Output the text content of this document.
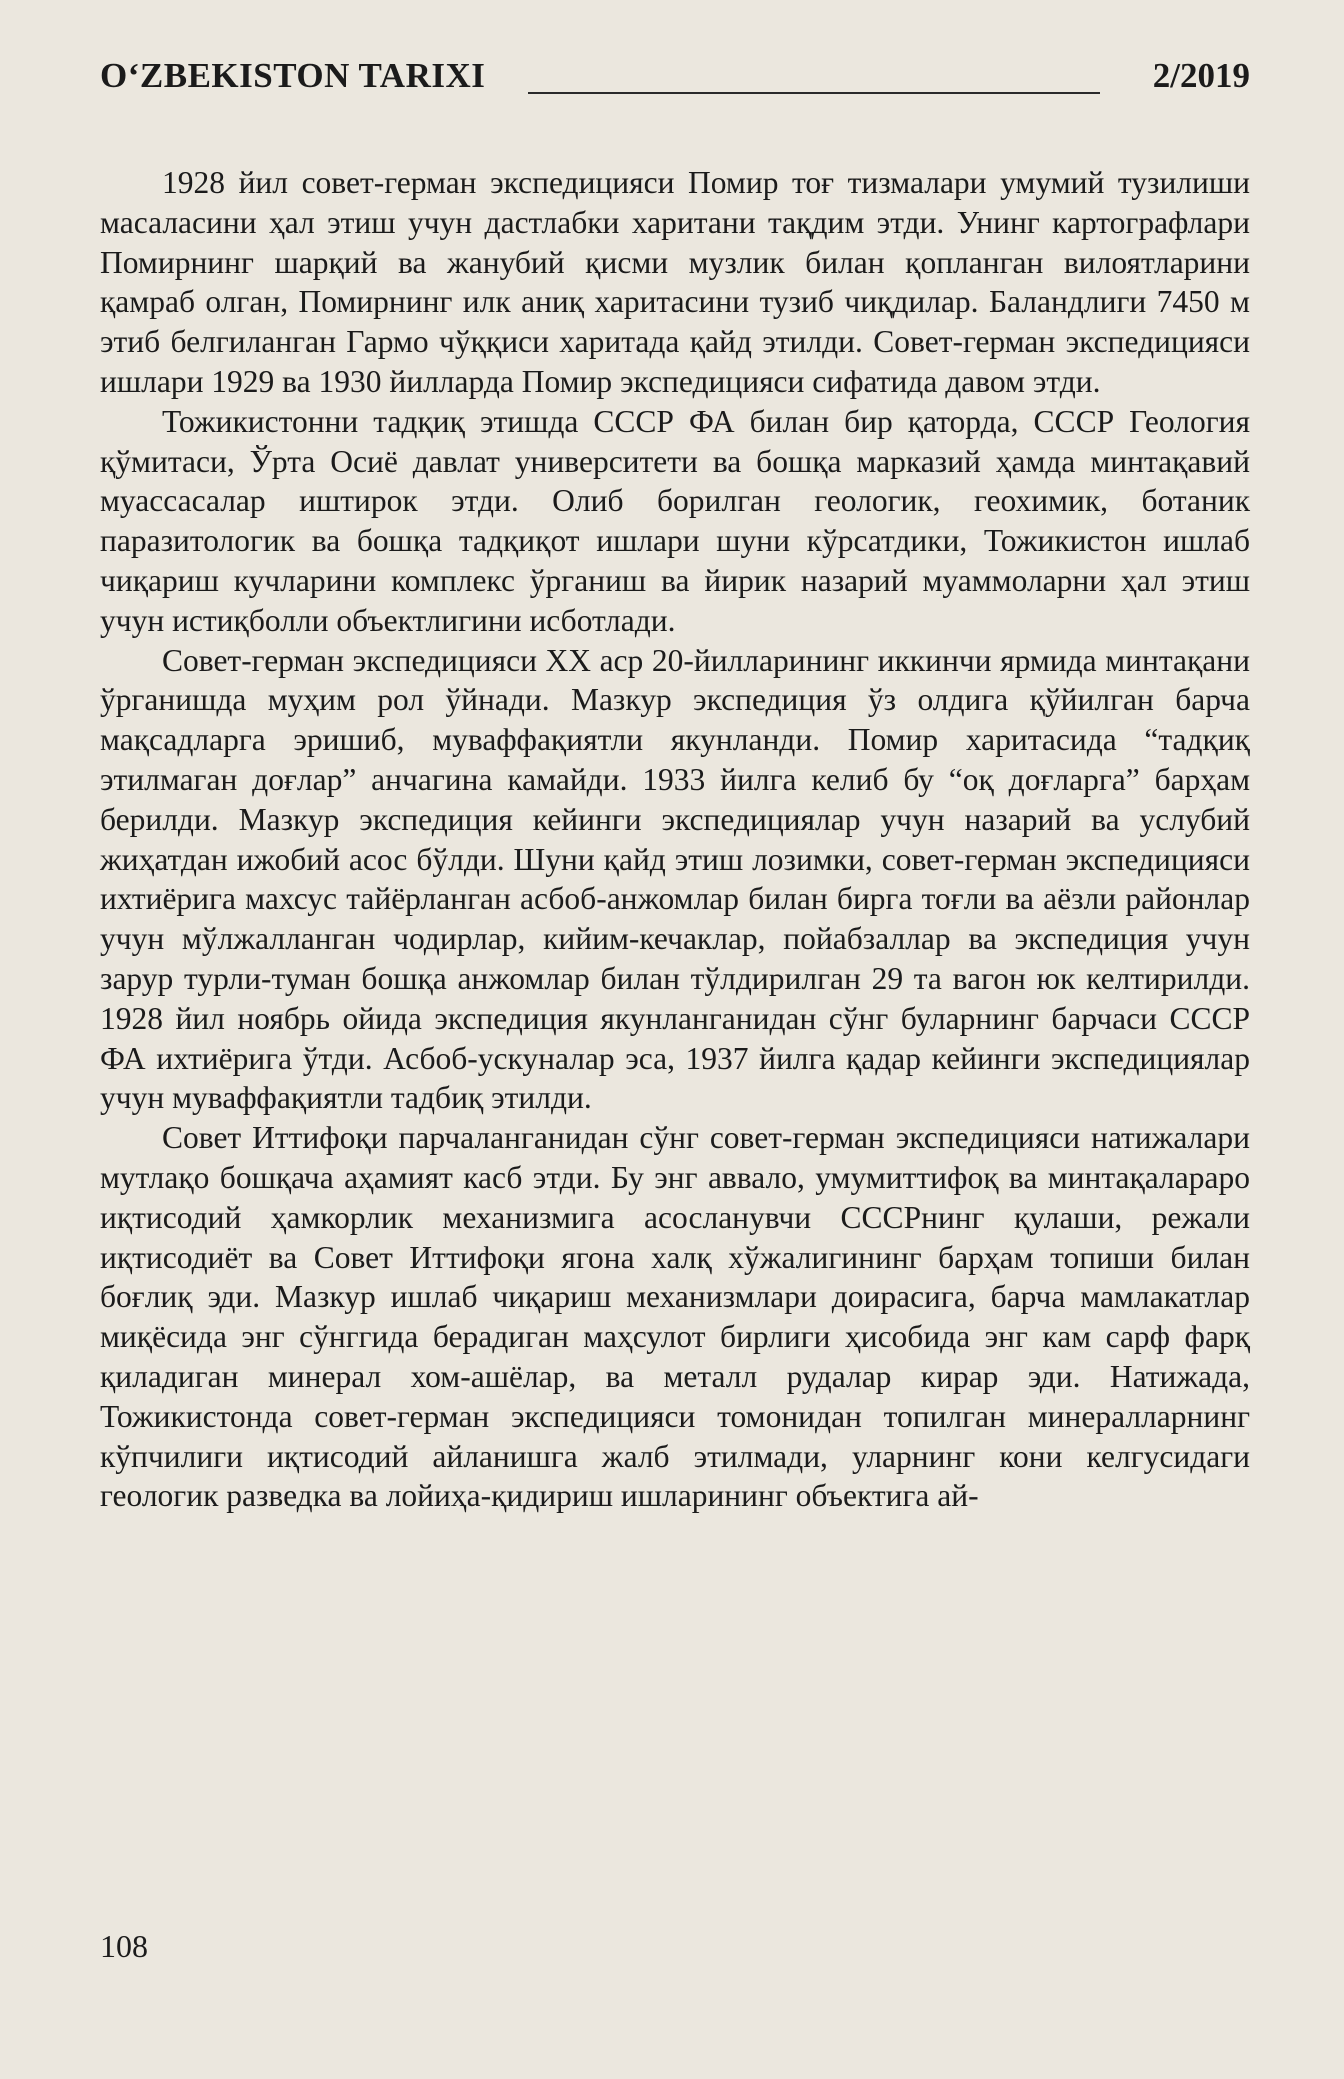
O‘ZBEKISTON TARIXI	2/2019

1928 йил совет-герман экспедицияси Помир тоғ тизмалари умумий тузилиши масаласини ҳал этиш учун дастлабки харитани тақдим этди. Унинг картографлари Помирнинг шарқий ва жанубий қисми музлик билан қопланган вилоятларини қамраб олган, Помирнинг илк аниқ харитасини тузиб чиқдилар. Баландлиги 7450 м этиб белгиланган Гармо чўққиси харитада қайд этилди. Совет-герман экспедицияси ишлари 1929 ва 1930 йилларда Помир экспедицияси сифатида давом этди.

Тожикистонни тадқиқ этишда СССР ФА билан бир қаторда, СССР Геология қўмитаси, Ўрта Осиё давлат университети ва бошқа марказий ҳамда минтақавий муассасалар иштирок этди. Олиб борилган геологик, геохимик, ботаник паразитологик ва бошқа тадқиқот ишлари шуни кўрсатдики, Тожикистон ишлаб чиқариш кучларини комплекс ўрганиш ва йирик назарий муаммоларни ҳал этиш учун истиқболли объектлигини исботлади.

Совет-герман экспедицияси XX аср 20-йилларининг иккинчи ярмида минтақани ўрганишда муҳим рол ўйнади. Мазкур экспедиция ўз олдига қўйилган барча мақсадларга эришиб, муваффақиятли якунланди. Помир харитасида “тадқиқ этилмаган доғлар” анчагина камайди. 1933 йилга келиб бу “оқ доғларга” барҳам берилди. Мазкур экспедиция кейинги экспедициялар учун назарий ва услубий жиҳатдан ижобий асос бўлди. Шуни қайд этиш лозимки, совет-герман экспедицияси ихтиёрига махсус тайёрланган асбоб-анжомлар билан бирга тоғли ва аёзли районлар учун мўлжалланган чодирлар, кийим-кечаклар, пойабзаллар ва экспедиция учун зарур турли-туман бошқа анжомлар билан тўлдирилган 29 та вагон юк келтирилди. 1928 йил ноябрь ойида экспедиция якунланганидан сўнг буларнинг барчаси СССР ФА ихтиёрига ўтди. Асбоб-ускуналар эса, 1937 йилга қадар кейинги экспедициялар учун муваффақиятли тадбиқ этилди.

Совет Иттифоқи парчаланганидан сўнг совет-герман экспедицияси натижалари мутлақо бошқача аҳамият касб этди. Бу энг аввало, умумиттифоқ ва минтақалараро иқтисодий ҳамкорлик механизмига асосланувчи СССРнинг қулаши, режали иқтисодиёт ва Совет Иттифоқи ягона халқ хўжалигининг барҳам топиши билан боғлиқ эди. Мазкур ишлаб чиқариш механизмлари доирасига, барча мамлакатлар миқёсида энг сўнггида берадиган маҳсулот бирлиги ҳисобида энг кам сарф фарқ қиладиган минерал хом-ашёлар, ва металл рудалар кирар эди. Натижада, Тожикистонда совет-герман экспедицияси томонидан топилган минералларнинг кўпчилиги иқтисодий айланишга жалб этилмади, уларнинг кони келгусидаги геологик разведка ва лойиҳа-қидириш ишларининг объектига ай-

108
